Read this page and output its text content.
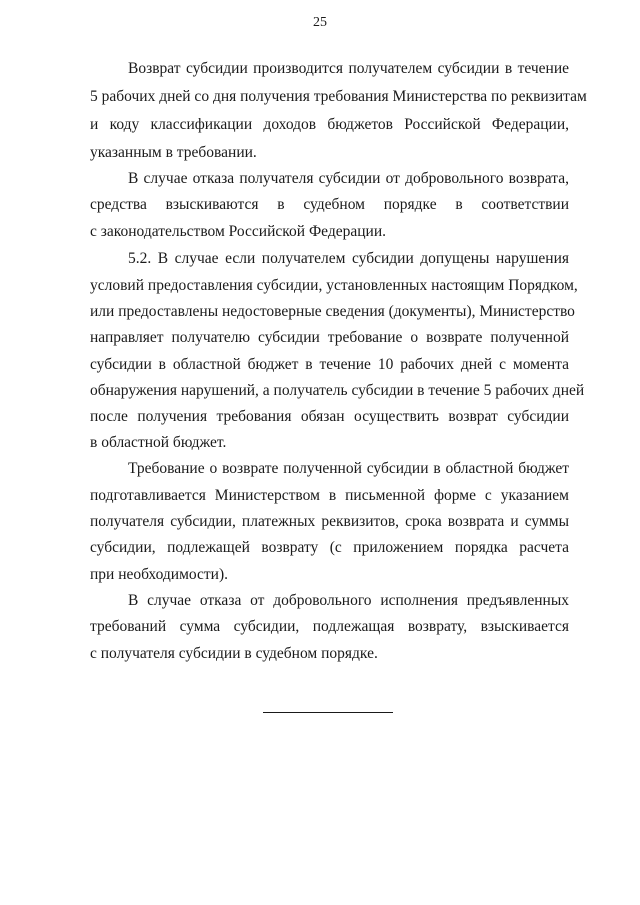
25
Возврат субсидии производится получателем субсидии в течение
5 рабочих дней со дня получения требования Министерства по реквизитам
и коду классификации доходов бюджетов Российской Федерации,
указанным в требовании.
В случае отказа получателя субсидии от добровольного возврата,
средства взыскиваются в судебном порядке в соответствии
с законодательством Российской Федерации.
5.2. В случае если получателем субсидии допущены нарушения
условий предоставления субсидии, установленных настоящим Порядком,
или предоставлены недостоверные сведения (документы), Министерство
направляет получателю субсидии требование о возврате полученной
субсидии в областной бюджет в течение 10 рабочих дней с момента
обнаружения нарушений, а получатель субсидии в течение 5 рабочих дней
после получения требования обязан осуществить возврат субсидии
в областной бюджет.
Требование о возврате полученной субсидии в областной бюджет
подготавливается Министерством в письменной форме с указанием
получателя субсидии, платежных реквизитов, срока возврата и суммы
субсидии, подлежащей возврату (с приложением порядка расчета
при необходимости).
В случае отказа от добровольного исполнения предъявленных
требований сумма субсидии, подлежащая возврату, взыскивается
с получателя субсидии в судебном порядке.
